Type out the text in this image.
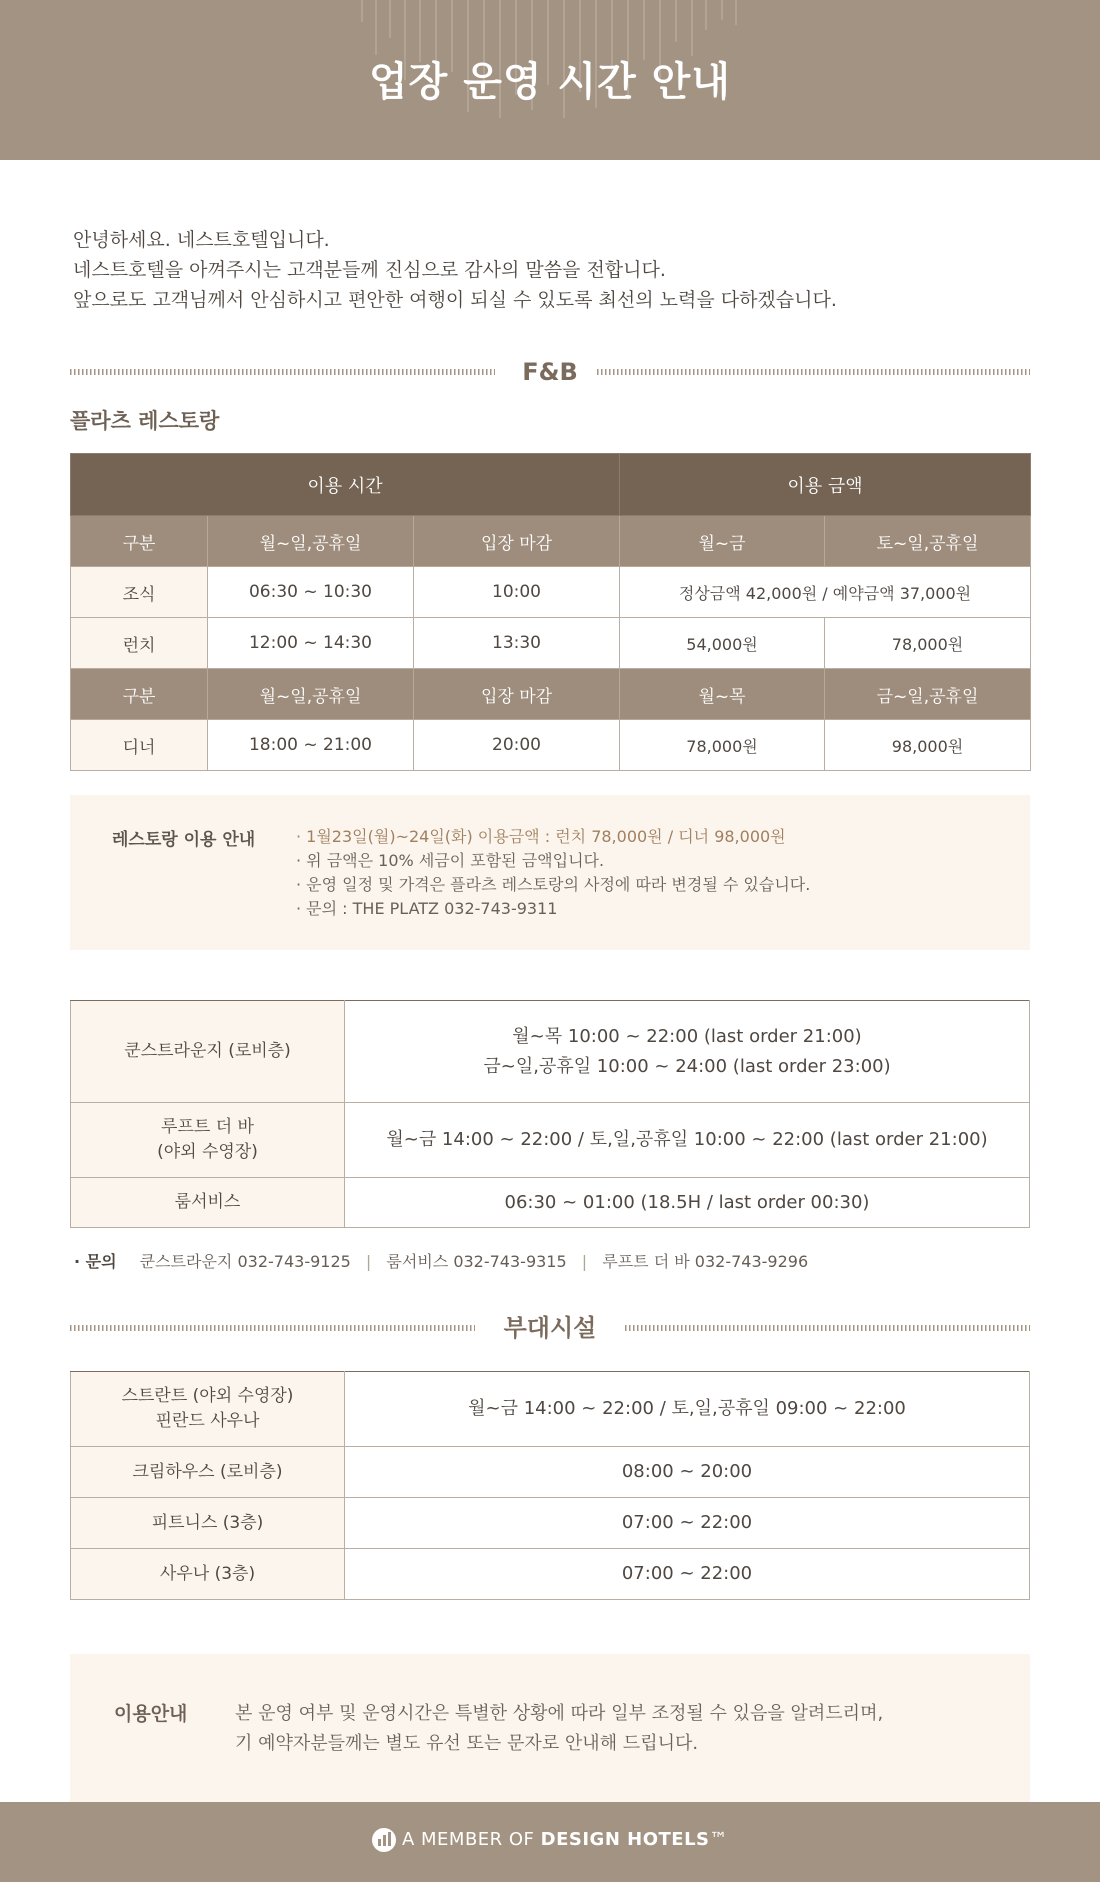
업장 운영 시간 안내

안녕하세요. 네스트호텔입니다.

네스트호텔을 아껴주시는 고객분들께 진심으로 감사의 말씀을 전합니다.

앞으로도 고객님께서 안심하시고 편안한 여행이 되실 수 있도록 최선의 노력을 다하겠습니다.

F&B
플라츠 레스토랑
이용 시간			이용 금액	
구분	월~일,공휴일	입장 마감	월~금	토~일,공휴일
조식	06:30 ~ 10:30	10:00	정상금액 42,000원 / 예약금액 37,000원	
런치	12:00 ~ 14:30	13:30	54,000원	78,000원
구분	월~일,공휴일	입장 마감	월~목	금~일,공휴일
디너	18:00 ~ 21:00	20:00	78,000원	98,000원
레스토랑 이용 안내	· 1월23일(월)~24일(화) 이용금액 : 런치 78,000원 / 디너 98,000원
· 위 금액은 10% 세금이 포함된 금액입니다.
· 운영 일정 및 가격은 플라츠 레스토랑의 사정에 따라 변경될 수 있습니다.
· 문의 : THE PLATZ 032-743-9311
쿤스트라운지 (로비층)	월~목 10:00 ~ 22:00 (last order 21:00)
금~일,공휴일 10:00 ~ 24:00 (last order 23:00)

루프트 더 바
(야외 수영장)	월~금 14:00 ~ 22:00 / 토,일,공휴일 10:00 ~ 22:00 (last order 21:00)
룸서비스	06:30 ~ 01:00 (18.5H / last order 00:30)
· 문의 쿤스트라운지 032-743-9125 | 룸서비스 032-743-9315 | 루프트 더 바 032-743-9296
부대시설
스트란트 (야외 수영장)
핀란드 사우나	월~금 14:00 ~ 22:00 / 토,일,공휴일 09:00 ~ 22:00
크림하우스 (로비층)	08:00 ~ 20:00
피트니스 (3층)	07:00 ~ 22:00
사우나 (3층)	07:00 ~ 22:00
이용안내	본 운영 여부 및 운영시간은 특별한 상황에 따라 일부 조정될 수 있음을 알려드리며,

기 예약자분들께는 별도 유선 또는 문자로 안내해 드립니다.

A MEMBER OF DESIGN HOTELS™
